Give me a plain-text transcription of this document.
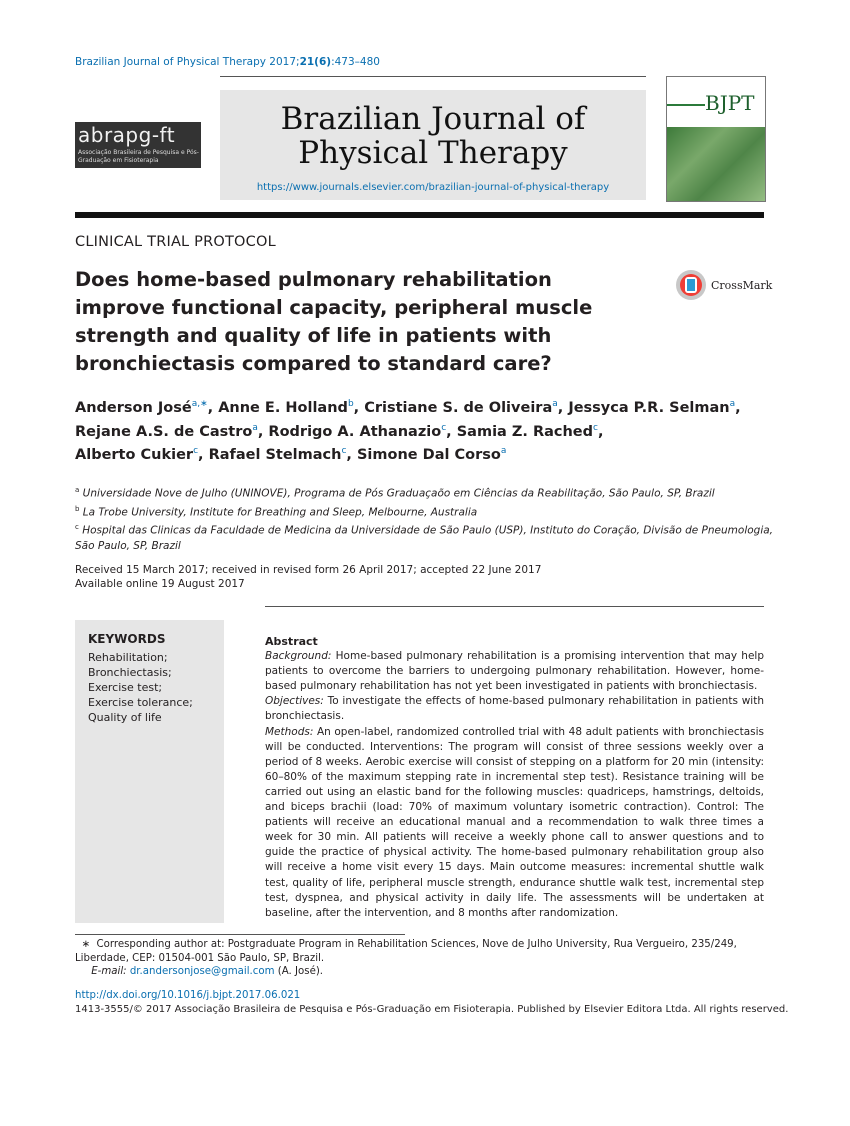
Brazilian Journal of Physical Therapy 2017;21(6):473–480
abrapg-ft
Associação Brasileira de Pesquisa e Pós-Graduação em Fisioterapia
Brazilian Journal of
Physical Therapy
https://www.journals.elsevier.com/brazilian-journal-of-physical-therapy
BJPT
CLINICAL TRIAL PROTOCOL
Does home-based pulmonary rehabilitation improve functional capacity, peripheral muscle strength and quality of life in patients with bronchiectasis compared to standard care?
CrossMark
Anderson José$^{a,∗}$, Anne E. Holland$^b$, Cristiane S. de Oliveira$^a$, Jessyca P.R. Selman$^a$,
Rejane A.S. de Castro$^a$, Rodrigo A. Athanazio$^c$, Samia Z. Rached$^c$,
Alberto Cukier$^c$, Rafael Stelmach$^c$, Simone Dal Corso$^a$
$^a$ Universidade Nove de Julho (UNINOVE), Programa de Pós Graduaçaõo em Ciências da Reabilitação, São Paulo, SP, Brazil
$^b$ La Trobe University, Institute for Breathing and Sleep, Melbourne, Australia
$^c$ Hospital das Clinicas da Faculdade de Medicina da Universidade de São Paulo (USP), Instituto do Coração, Divisão de Pneumologia, São Paulo, SP, Brazil
Received 15 March 2017; received in revised form 26 April 2017; accepted 22 June 2017
Available online 19 August 2017
KEYWORDS
Rehabilitation;
Bronchiectasis;
Exercise test;
Exercise tolerance;
Quality of life
Abstract

Background: Home-based pulmonary rehabilitation is a promising intervention that may help patients to overcome the barriers to undergoing pulmonary rehabilitation. However, home-based pulmonary rehabilitation has not yet been investigated in patients with bronchiectasis.

Objectives: To investigate the effects of home-based pulmonary rehabilitation in patients with bronchiectasis.

Methods: An open-label, randomized controlled trial with 48 adult patients with bronchiectasis will be conducted. Interventions: The program will consist of three sessions weekly over a period of 8 weeks. Aerobic exercise will consist of stepping on a platform for 20 min (intensity: 60–80% of the maximum stepping rate in incremental step test). Resistance training will be carried out using an elastic band for the following muscles: quadriceps, hamstrings, deltoids, and biceps brachii (load: 70% of maximum voluntary isometric contraction). Control: The patients will receive an educational manual and a recommendation to walk three times a week for 30 min. All patients will receive a weekly phone call to answer questions and to guide the practice of physical activity. The home-based pulmonary rehabilitation group also will receive a home visit every 15 days. Main outcome measures: incremental shuttle walk test, quality of life, peripheral muscle strength, endurance shuttle walk test, incremental step test, dyspnea, and physical activity in daily life. The assessments will be undertaken at baseline, after the intervention, and 8 months after randomization.

∗ Corresponding author at: Postgraduate Program in Rehabilitation Sciences, Nove de Julho University, Rua Vergueiro, 235/249, Liberdade, CEP: 01504-001 São Paulo, SP, Brazil.
E-mail: dr.andersonjose@gmail.com (A. José).
http://dx.doi.org/10.1016/j.bjpt.2017.06.021
1413-3555/© 2017 Associação Brasileira de Pesquisa e Pós-Graduação em Fisioterapia. Published by Elsevier Editora Ltda. All rights reserved.
